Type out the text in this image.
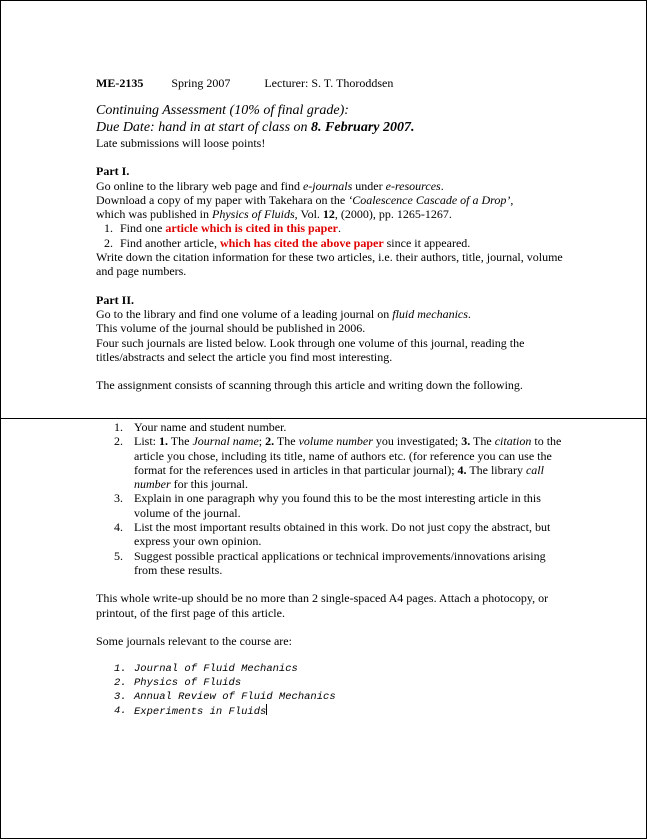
ME-2135 Spring 2007	Lecturer: S. T. Thoroddsen
Continuing Assessment (10% of final grade):
Due Date: hand in at start of class on 8. February 2007.

Late submissions will loose points!

Part I.

Go online to the library web page and find e-journals under e-resources.

Download a copy of my paper with Takehara on the ‘Coalescence Cascade of a Drop’,

which was published in Physics of Fluids, Vol. 12, (2000), pp. 1265-1267.

1. Find one article which is cited in this paper.
2. Find another article, which has cited the above paper since it appeared.

Write down the citation information for these two articles, i.e. their authors, title, journal, volume and page numbers.

Part II.

Go to the library and find one volume of a leading journal on fluid mechanics.

This volume of the journal should be published in 2006.

Four such journals are listed below. Look through one volume of this journal, reading the titles/abstracts and select the article you find most interesting.

The assignment consists of scanning through this article and writing down the following.

1. Your name and student number.
2. List: 1. The Journal name; 2. The volume number you investigated; 3. The citation to the article you chose, including its title, name of authors etc. (for reference you can use the format for the references used in articles in that particular journal); 4. The library call number for this journal.
3. Explain in one paragraph why you found this to be the most interesting article in this volume of the journal.
4. List the most important results obtained in this work. Do not just copy the abstract, but express your own opinion.
5. Suggest possible practical applications or technical improvements/innovations arising from these results.

This whole write-up should be no more than 2 single-spaced A4 pages. Attach a photocopy, or printout, of the first page of this article.

Some journals relevant to the course are:

1. Journal of Fluid Mechanics
2. Physics of Fluids
3. Annual Review of Fluid Mechanics
4. Experiments in Fluids
